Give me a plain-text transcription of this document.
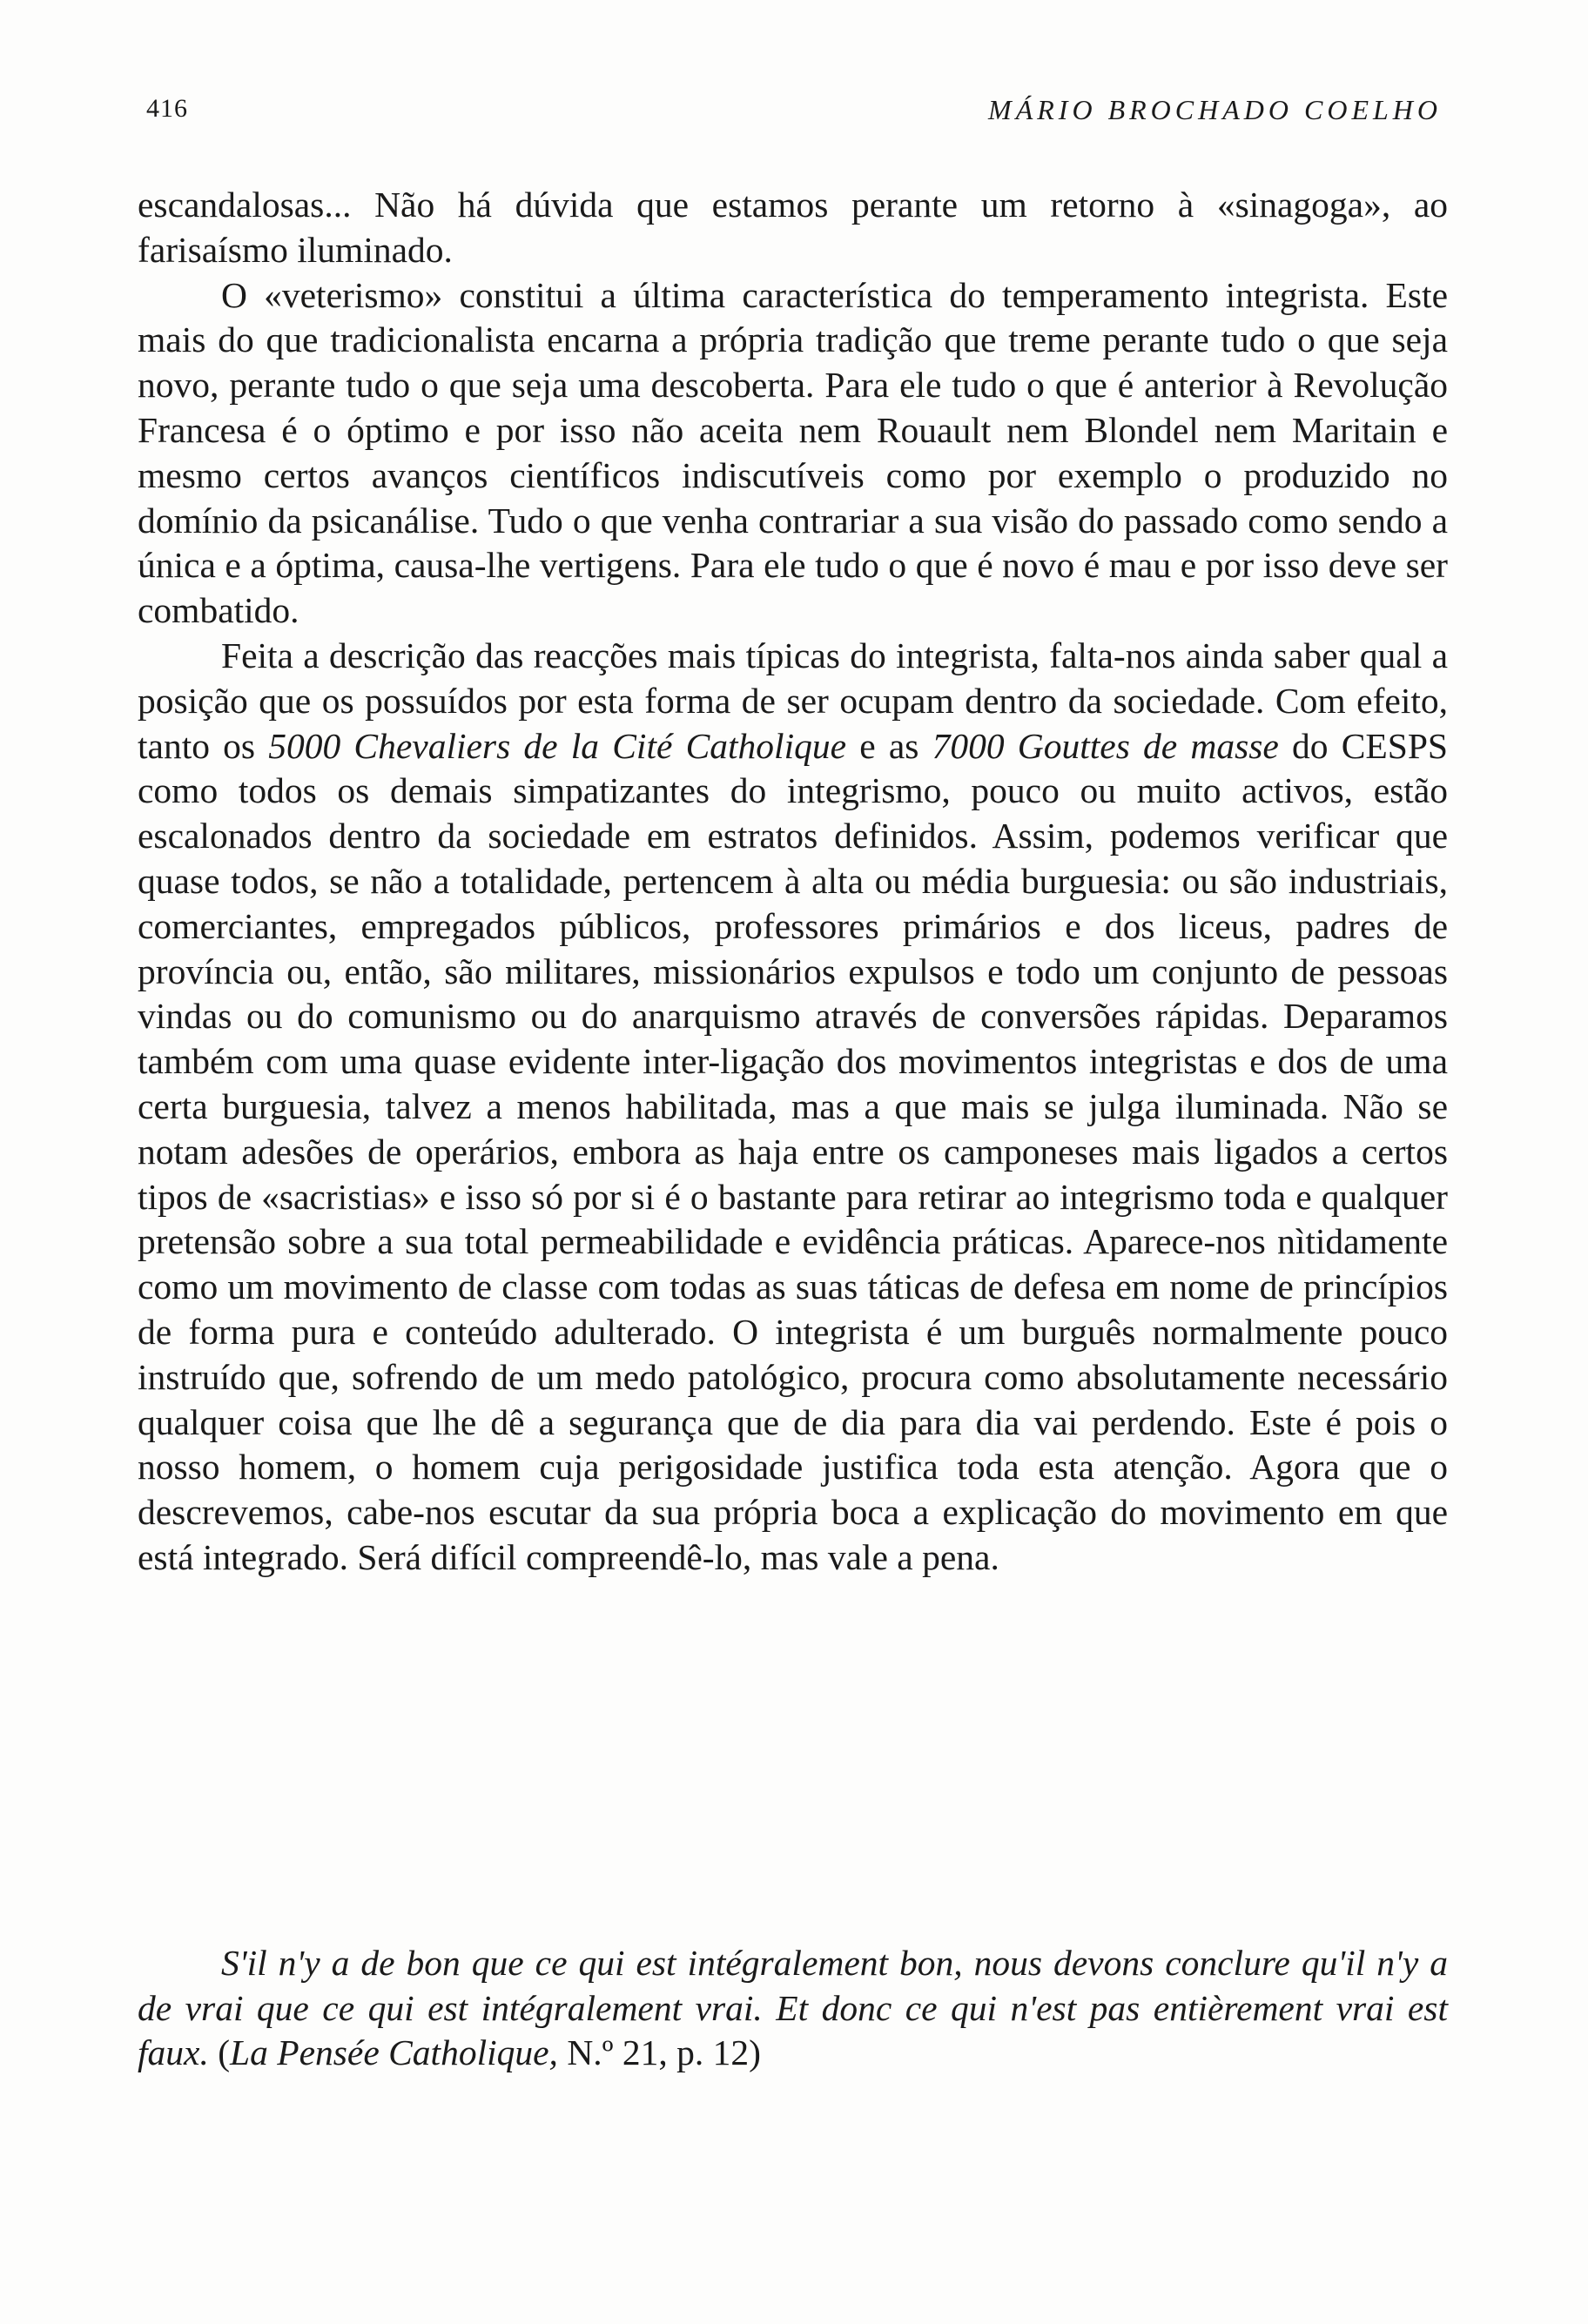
416	MÁRIO BROCHADO COELHO

escandalosas... Não há dúvida que estamos perante um retorno à «sinagoga», ao farisaísmo iluminado.

O «veterismo» constitui a última característica do temperamento integrista. Este mais do que tradicionalista encarna a própria tradição que treme perante tudo o que seja novo, perante tudo o que seja uma descoberta. Para ele tudo o que é anterior à Revolução Francesa é o óptimo e por isso não aceita nem Rouault nem Blondel nem Maritain e mesmo certos avanços científicos indiscutíveis como por exemplo o produzido no domínio da psicanálise. Tudo o que venha contrariar a sua visão do passado como sendo a única e a óptima, causa-lhe vertigens. Para ele tudo o que é novo é mau e por isso deve ser combatido.

Feita a descrição das reacções mais típicas do integrista, falta-nos ainda saber qual a posição que os possuídos por esta forma de ser ocupam dentro da sociedade. Com efeito, tanto os 5000 Chevaliers de la Cité Catholique e as 7000 Gouttes de masse do CESPS como todos os demais simpatizantes do integrismo, pouco ou muito activos, estão escalonados dentro da sociedade em estratos definidos. Assim, podemos verificar que quase todos, se não a totalidade, pertencem à alta ou média burguesia: ou são industriais, comerciantes, empregados públicos, professores primários e dos liceus, padres de província ou, então, são militares, missionários expulsos e todo um conjunto de pessoas vindas ou do comunismo ou do anarquismo através de conversões rápidas. Deparamos também com uma quase evidente inter-ligação dos movimentos integristas e dos de uma certa burguesia, talvez a menos habilitada, mas a que mais se julga iluminada. Não se notam adesões de operários, embora as haja entre os camponeses mais ligados a certos tipos de «sacristias» e isso só por si é o bastante para retirar ao integrismo toda e qualquer pretensão sobre a sua total permeabilidade e evidência práticas. Aparece-nos nìtidamente como um movimento de classe com todas as suas táticas de defesa em nome de princípios de forma pura e conteúdo adulterado. O integrista é um burguês normalmente pouco instruído que, sofrendo de um medo patológico, procura como absolutamente necessário qualquer coisa que lhe dê a segurança que de dia para dia vai perdendo. Este é pois o nosso homem, o homem cuja perigosidade justifica toda esta atenção. Agora que o descrevemos, cabe-nos escutar da sua própria boca a explicação do movimento em que está integrado. Será difícil compreendê-lo, mas vale a pena.

S'il n'y a de bon que ce qui est intégralement bon, nous devons conclure qu'il n'y a de vrai que ce qui est intégralement vrai. Et donc ce qui n'est pas entièrement vrai est faux. (La Pensée Catholique, N.º 21, p. 12)
